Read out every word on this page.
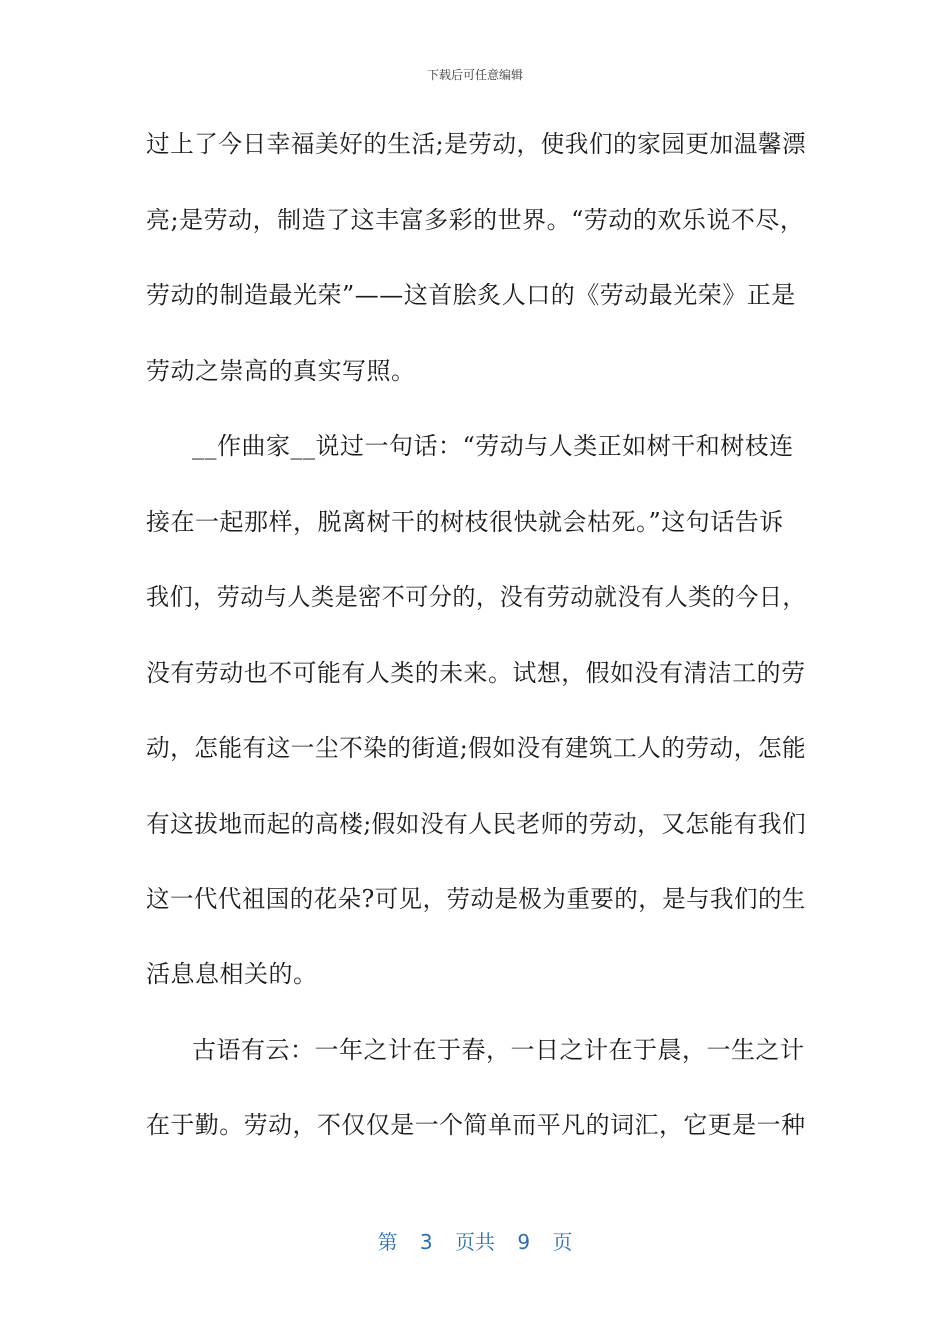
下载后可任意编辑
过上了今日幸福美好的生活;是劳动，使我们的家园更加温馨漂
亮;是劳动，制造了这丰富多彩的世界。“劳动的欢乐说不尽，
劳动的制造最光荣”——这首脍炙人口的《劳动最光荣》正是
劳动之崇高的真实写照。
__作曲家__说过一句话：“劳动与人类正如树干和树枝连
接在一起那样，脱离树干的树枝很快就会枯死。”这句话告诉
我们，劳动与人类是密不可分的，没有劳动就没有人类的今日，
没有劳动也不可能有人类的未来。试想，假如没有清洁工的劳
动，怎能有这一尘不染的街道;假如没有建筑工人的劳动，怎能
有这拔地而起的高楼;假如没有人民老师的劳动，又怎能有我们
这一代代祖国的花朵?可见，劳动是极为重要的，是与我们的生
活息息相关的。
古语有云：一年之计在于春，一日之计在于晨，一生之计
在于勤。劳动，不仅仅是一个简单而平凡的词汇，它更是一种
第 3 页共 9 页
